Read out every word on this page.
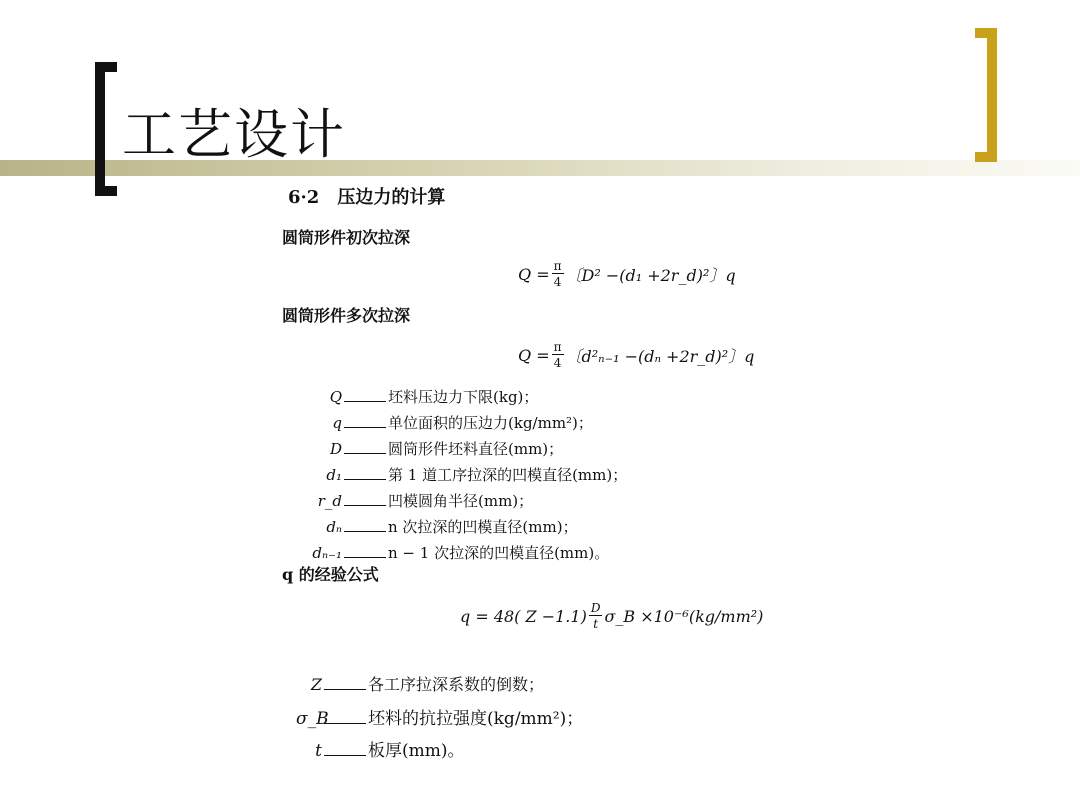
工艺设计
6·2　压边力的计算
圆筒形件初次拉深
$Q = \frac{\pi}{4}$ 〔D² −(d₁ +2r_d)²〕q
圆筒形件多次拉深
$Q = \frac{\pi}{4}$ 〔d²ₙ₋₁ −(dₙ +2r_d)²〕q
Q	坯料压边力下限(kg)；
q	单位面积的压边力(kg/mm²)；
D	圆筒形件坯料直径(mm)；
d₁	第 1 道工序拉深的凹模直径(mm)；
r_d	凹模圆角半径(mm)；
dₙ	n 次拉深的凹模直径(mm)；
dₙ₋₁	n − 1 次拉深的凹模直径(mm)。
q 的经验公式
q = 48( $Z -1.1) \frac{D}{t}$ σ_B ×10⁻⁶(kg/mm²)
Z	各工序拉深系数的倒数；
σ_B 坯料的抗拉强度(kg/mm²)；
t	板厚(mm)。
